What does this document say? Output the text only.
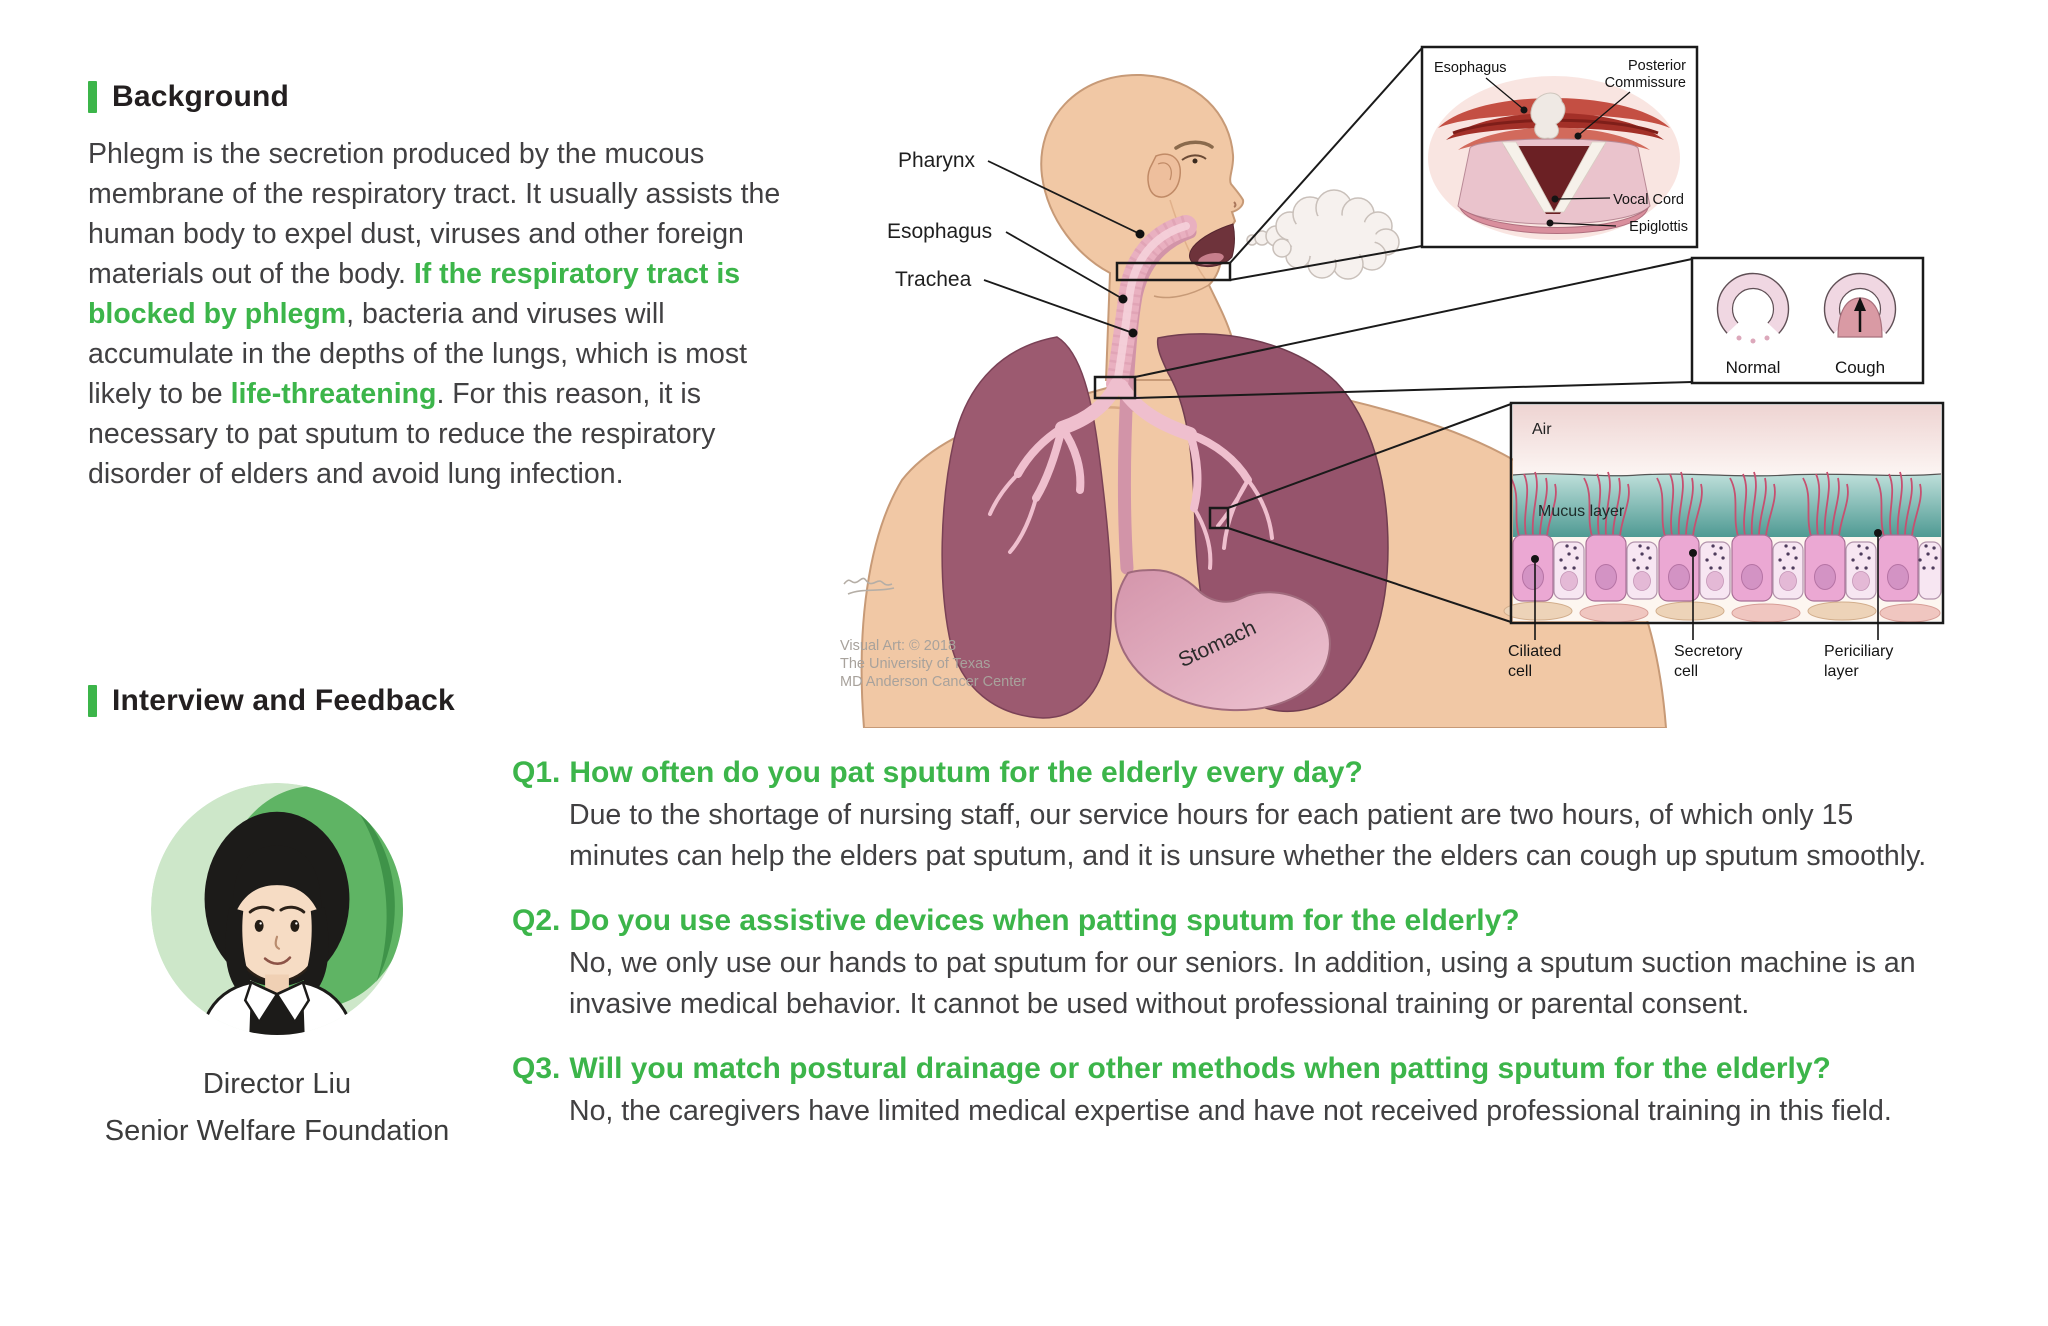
Background

Phlegm is the secretion produced by the mucous membrane of the respiratory tract. It usually assists the human body to expel dust, viruses and other foreign materials out of the body. If the respiratory tract is blocked by phlegm, bacteria and viruses will accumulate in the depths of the lungs, which is most likely to be life-threatening. For this reason, it is necessary to pat sputum to reduce the respiratory disorder of elders and avoid lung infection.

Stomach
Pharynx
Esophagus
Trachea
Esophagus	Posterior
Commissure
Vocal Cord
Epiglottis
Normal	Cough
Air
Mucus layer
Ciliated
cell
Secretory
cell
Periciliary
layer
Visual Art: © 2018
The University of Texas
MD Anderson Cancer Center
Interview and Feedback
Director Liu
Senior Welfare Foundation
Q1. How often do you pat sputum for the elderly every day?

Due to the shortage of nursing staff, our service hours for each patient are two hours, of which only 15 minutes can help the elders pat sputum, and it is unsure whether the elders can cough up sputum smoothly.

Q2. Do you use assistive devices when patting sputum for the elderly?

No, we only use our hands to pat sputum for our seniors. In addition, using a sputum suction machine is an invasive medical behavior. It cannot be used without professional training or parental consent.

Q3. Will you match postural drainage or other methods when patting sputum for the elderly?

No, the caregivers have limited medical expertise and have not received professional training in this field.
